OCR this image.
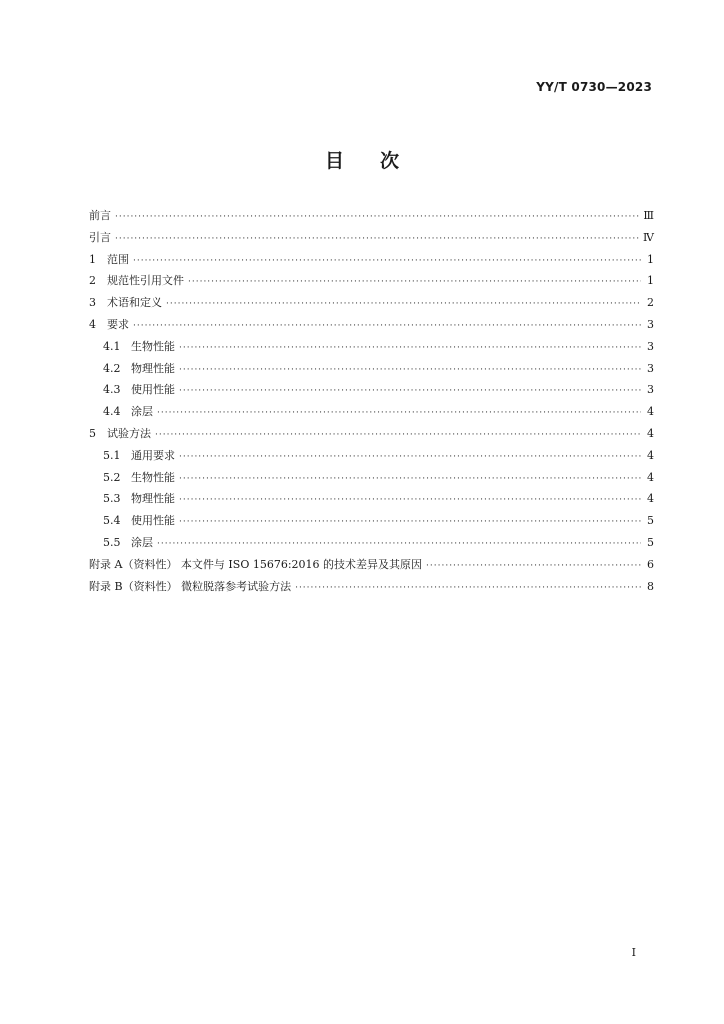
YY/T 0730—2023
目 次
前言 ·····	Ⅲ
引言 ·····	Ⅳ
1	范围 ·····	1
2	规范性引用文件 ·····	1
3	术语和定义 ·····	2
4	要求 ·····	3
4.1 生物性能 ·····	3
4.2 物理性能 ·····	3
4.3 使用性能 ·····	3
4.4 涂层 ·····	4
5	试验方法 ·····	4
5.1 通用要求 ·····	4
5.2 生物性能 ·····	4
5.3 物理性能 ·····	4
5.4 使用性能 ·····	5
5.5 涂层 ·····	5
附录 A（资料性） 本文件与 ISO 15676:2016 的技术差异及其原因 ·····	6
附录 B（资料性） 微粒脱落参考试验方法 ·····	8
I
